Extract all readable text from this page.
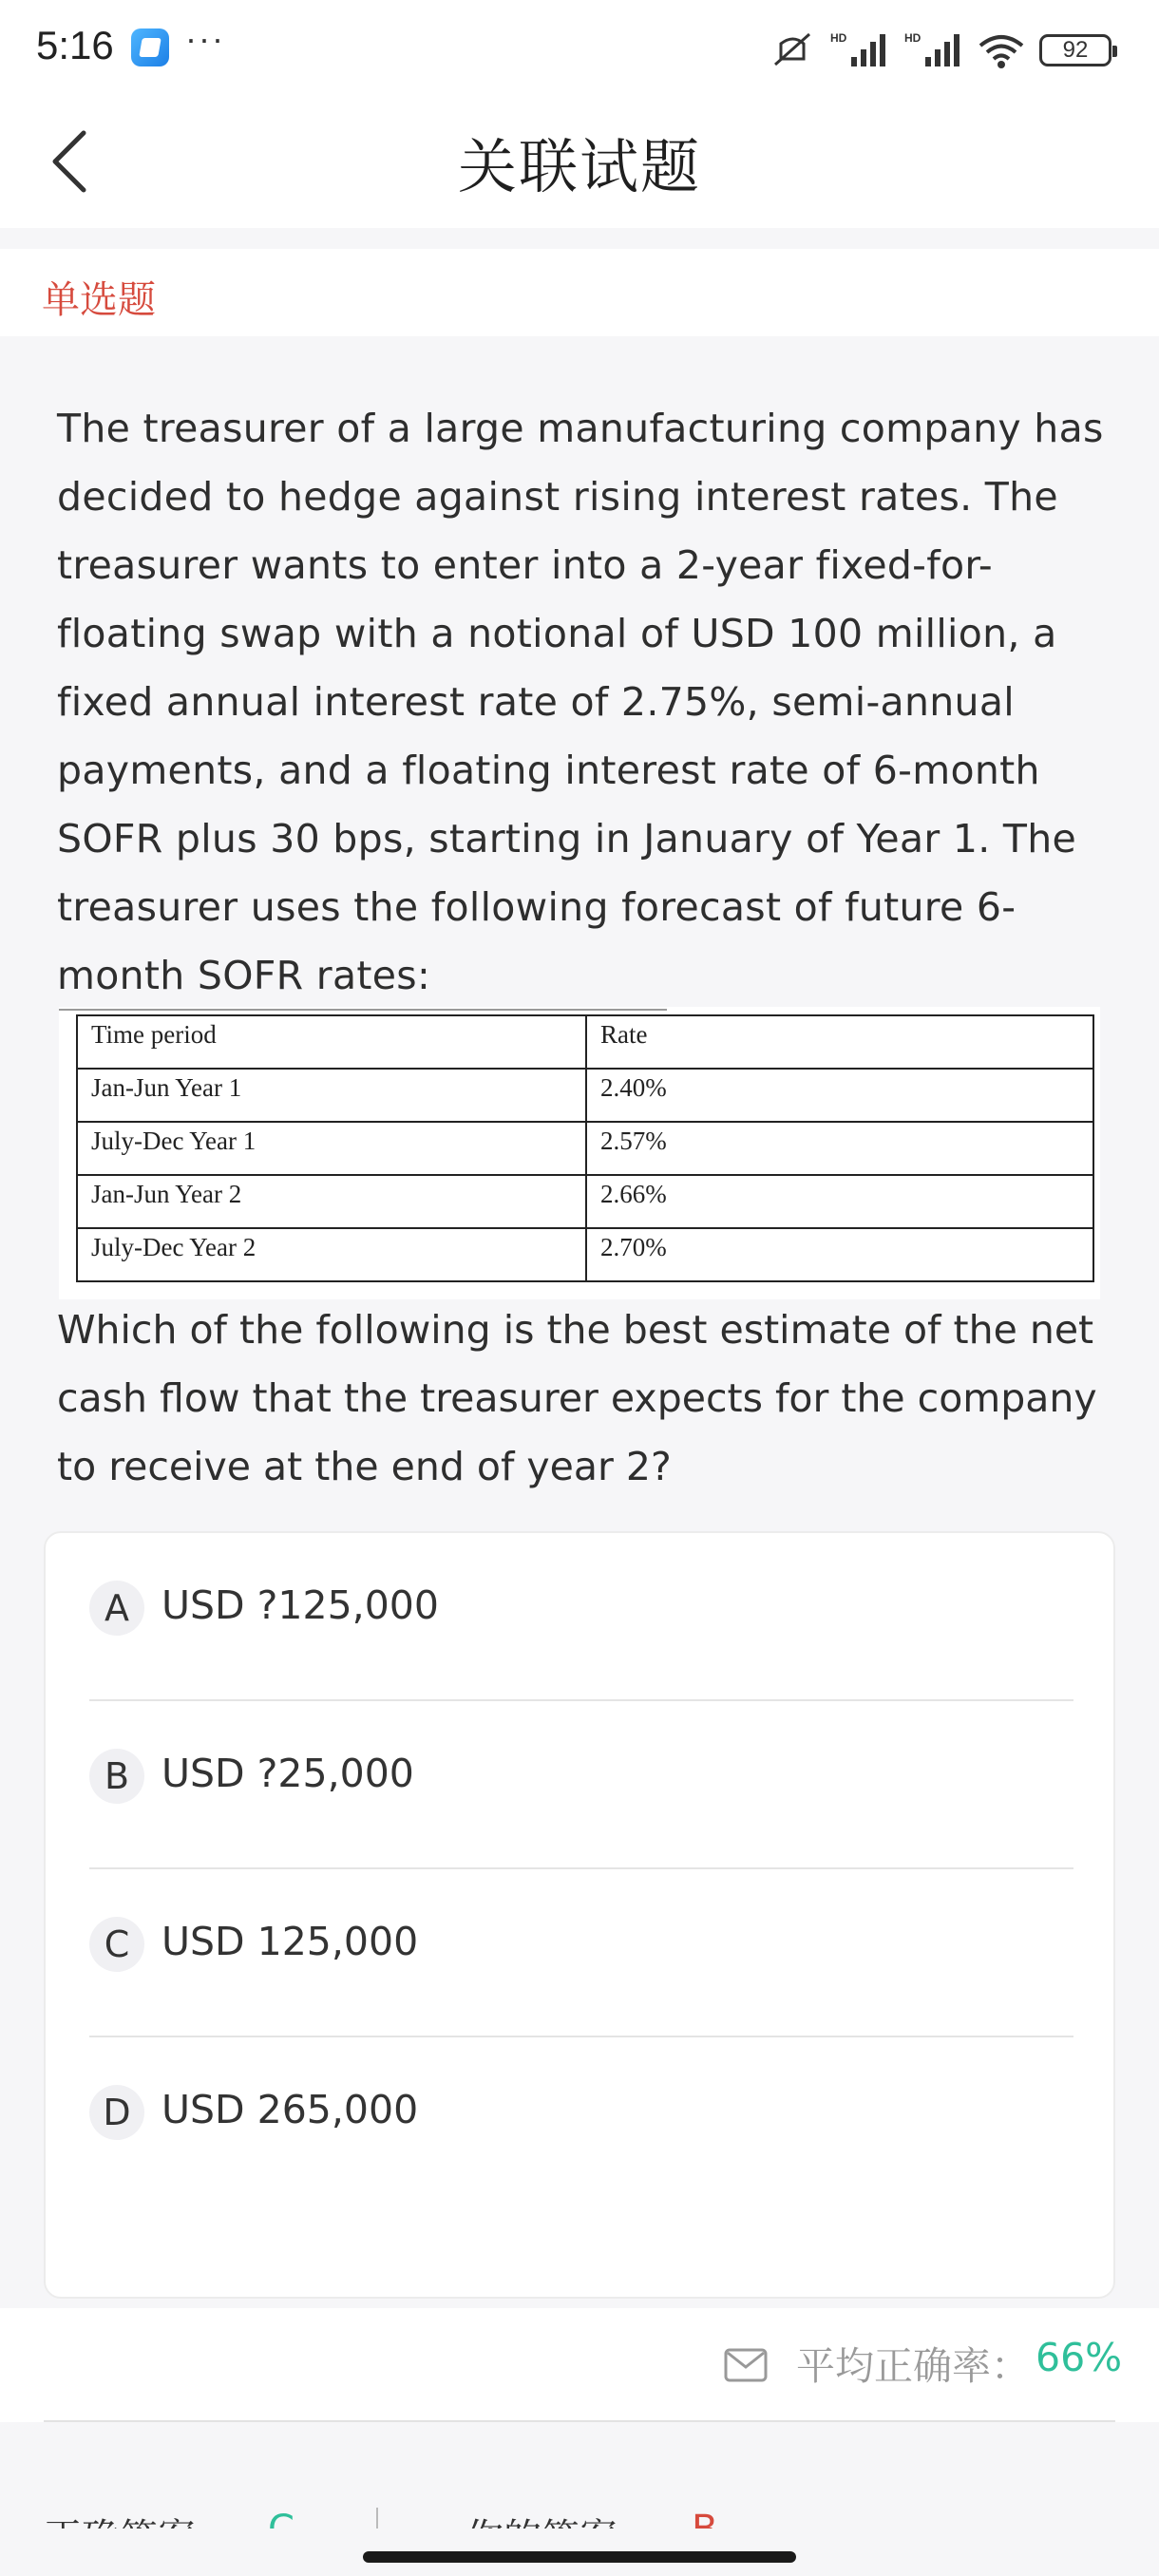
5:16 ···	HD	HD	92
关联试题
单选题
The treasurer of a large manufacturing company has decided to hedge against rising interest rates. The treasurer wants to enter into a 2-year fixed-for-floating swap with a notional of USD 100 million, a fixed annual interest rate of 2.75%, semi-annual payments, and a floating interest rate of 6-month SOFR plus 30 bps, starting in January of Year 1. The treasurer uses the following forecast of future 6-month SOFR rates:
Time period	Rate
Jan-Jun Year 1	2.40%
July-Dec Year 1	2.57%
Jan-Jun Year 2	2.66%
July-Dec Year 2	2.70%
Which of the following is the best estimate of the net cash flow that the treasurer expects for the company to receive at the end of year 2?
A USD ?125,000
B USD ?25,000
C USD 125,000
D USD 265,000
平均正确率： 66%
